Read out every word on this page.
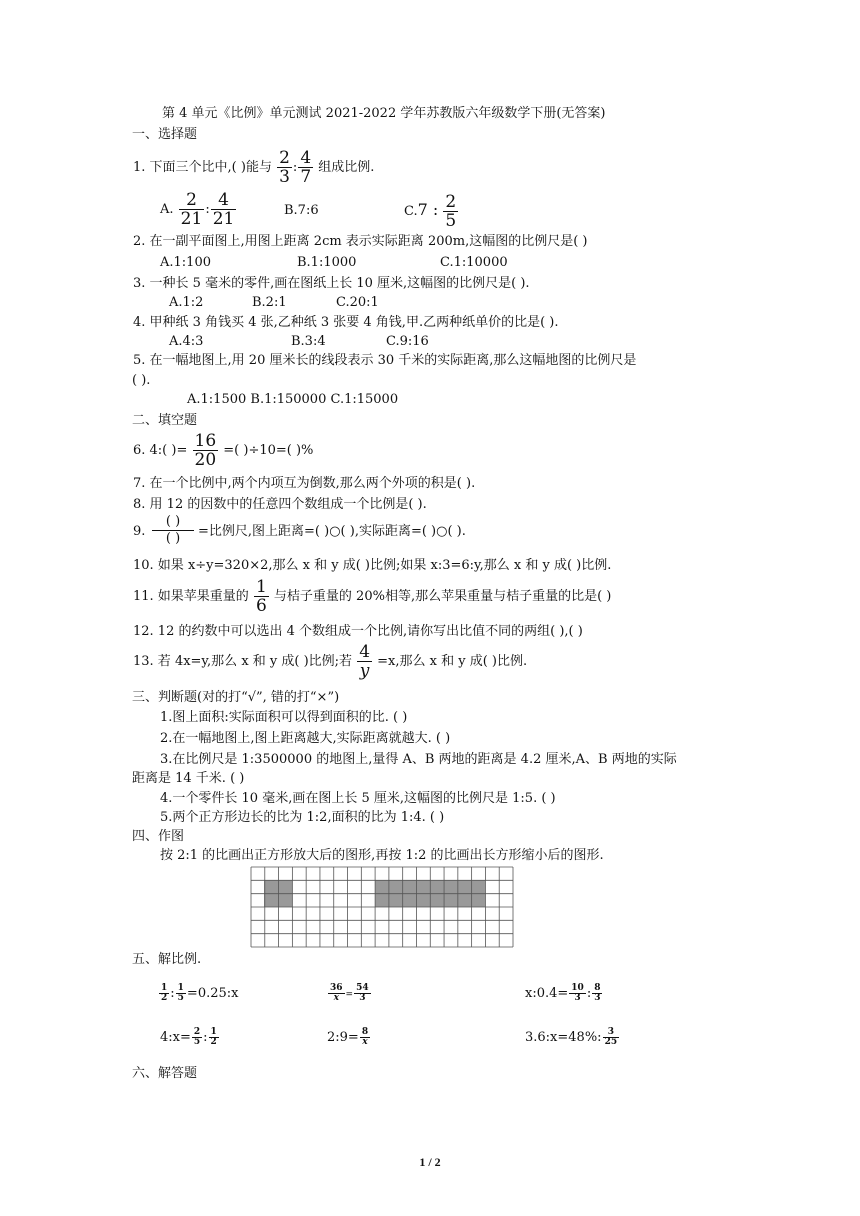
第 4 单元《比例》单元测试 2021-2022 学年苏教版六年级数学下册(无答案)
一、选择题
1. 下面三个比中,( )能与 $\frac{2}{3}$ : $\frac{4}{7}$ 组成比例.
A. $\frac{2}{21}$ : $\frac{4}{21}$	B.7:6	C.7 : $\frac{2}{5}$
2. 在一副平面图上,用图上距离 2cm 表示实际距离 200m,这幅图的比例尺是( )
A.1:100	B.1:1000	C.1:10000
3. 一种长 5 毫米的零件,画在图纸上长 10 厘米,这幅图的比例尺是( ).
A.1:2	B.2:1	C.20:1
4. 甲种纸 3 角钱买 4 张,乙种纸 3 张要 4 角钱,甲.乙两种纸单价的比是( ).
A.4:3	B.3:4	C.9:16
5. 在一幅地图上,用 20 厘米长的线段表示 30 千米的实际距离,那么这幅地图的比例尺是
( ).
A.1:1500 B.1:150000 C.1:15000
二、填空题
6. 4:( )= $\frac{16}{20}$ =( )÷10=( )%
7. 在一个比例中,两个内项互为倒数,那么两个外项的积是( ).
8. 用 12 的因数中的任意四个数组成一个比例是( ).
9.
( )
( )	=比例尺,图上距离=( )○( ),实际距离=( )○( ).
10. 如果 x÷y=320×2,那么 x 和 y 成( )比例;如果 x:3=6:y,那么 x 和 y 成( )比例.
11. 如果苹果重量的 $\frac{1}{6}$ 与桔子重量的 20%相等,那么苹果重量与桔子重量的比是( )
12. 12 的约数中可以选出 4 个数组成一个比例,请你写出比值不同的两组( ),( )
13. 若 4x=y,那么 x 和 y 成( )比例;若 $\frac{4}{y} =x$,那么 x 和 y 成( )比例.
三、判断题(对的打“√”, 错的打“×”)
1.图上面积:实际面积可以得到面积的比. ( )
2.在一幅地图上,图上距离越大,实际距离就越大. ( )
3.在比例尺是 1:3500000 的地图上,量得 A、B 两地的距离是 4.2 厘米,A、B 两地的实际
距离是 14 千米. ( )
4.一个零件长 10 毫米,画在图上长 5 厘米,这幅图的比例尺是 1:5. ( )
5.两个正方形边长的比为 1:2,面积的比为 1:4. ( )
四、作图
按 2:1 的比画出正方形放大后的图形,再按 1:2 的比画出长方形缩小后的图形.
五、解比例.
$\frac{1}{2}$ : $\frac{1}{5}$ =0.25:x	$\frac{36}{x} = \frac{54}{3}$	x:0.4= $\frac{10}{3}$ : $\frac{8}{3}$
4:x= $\frac{2}{5}$ : $\frac{1}{2}$	2:9= $\frac{8}{x}$	3.6:x=48%: $\frac{3}{25}$
六、解答题
1 / 2
